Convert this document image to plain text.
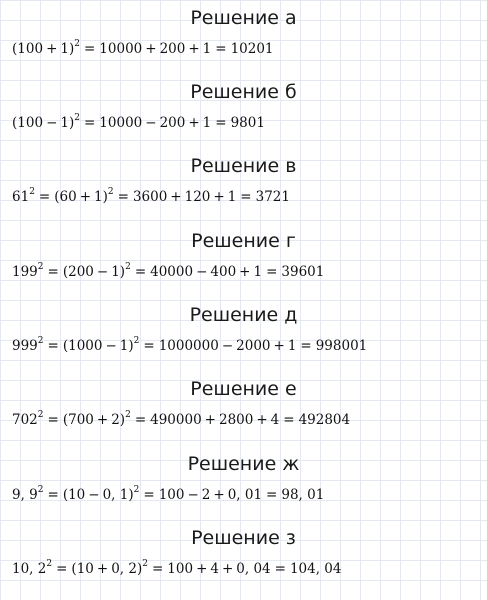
Решение а
$(100 + 1)^2 = 10000 + 200 + 1 = 10201$
Решение б
$(100 - 1)^2 = 10000 - 200 + 1 = 9801$
Решение в
$61^2 = (60 + 1)^2 = 3600 + 120 + 1 = 3721$
Решение г
$199^2 = (200 - 1)^2 = 40000 - 400 + 1 = 39601$
Решение д
$999^2 = (1000 - 1)^2 = 1000000 - 2000 + 1 = 998001$
Решение е
$702^2 = (700 + 2)^2 = 490000 + 2800 + 4 = 492804$
Решение ж
9, $9^2 = (10 - 0$, 1)$^2$ = 100 − 2 + 0, 01 = 98, 01
Решение з
10, $2^2 = (10 + 0$, 2)$^2$ = 100 + 4 + 0, 04 = 104, 04
